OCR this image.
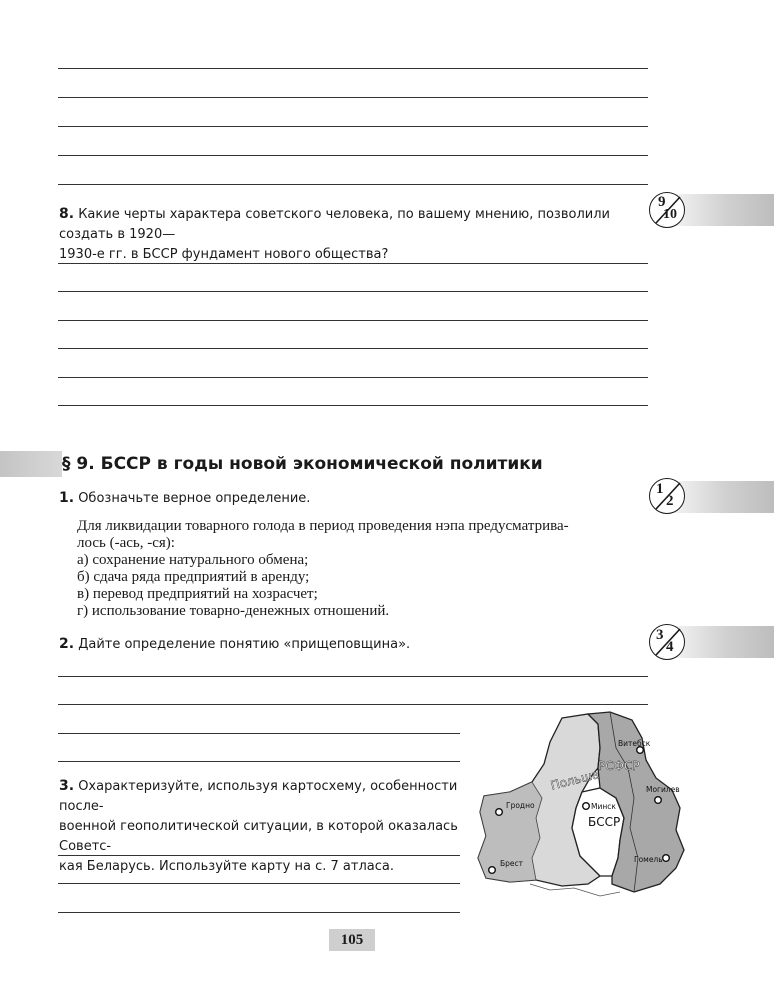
9
10
8. Какие черты характера советского человека, по вашему мнению, позволили создать в 1920—
1930-е гг. в БССР фундамент нового общества?
§ 9. БССР в годы новой экономической политики
1
2
1. Обозначьте верное определение.
Для ликвидации товарного голода в период проведения нэпа предусматрива-
лось (-ась, -ся):
а) сохранение натурального обмена;
б) сдача ряда предприятий в аренду;
в) перевод предприятий на хозрасчет;
г) использование товарно-денежных отношений.
3
4
2. Дайте определение понятию «прищеповщина».
3. Охарактеризуйте, используя картосхему, особенности после-
военной геополитической ситуации, в которой оказалась Советс-
кая Беларусь. Используйте карту на с. 7 атласа.
Витебск
Могилев
Гродно	Минск
Брест	Гомель
РСФСР
БССР
Польша
105
